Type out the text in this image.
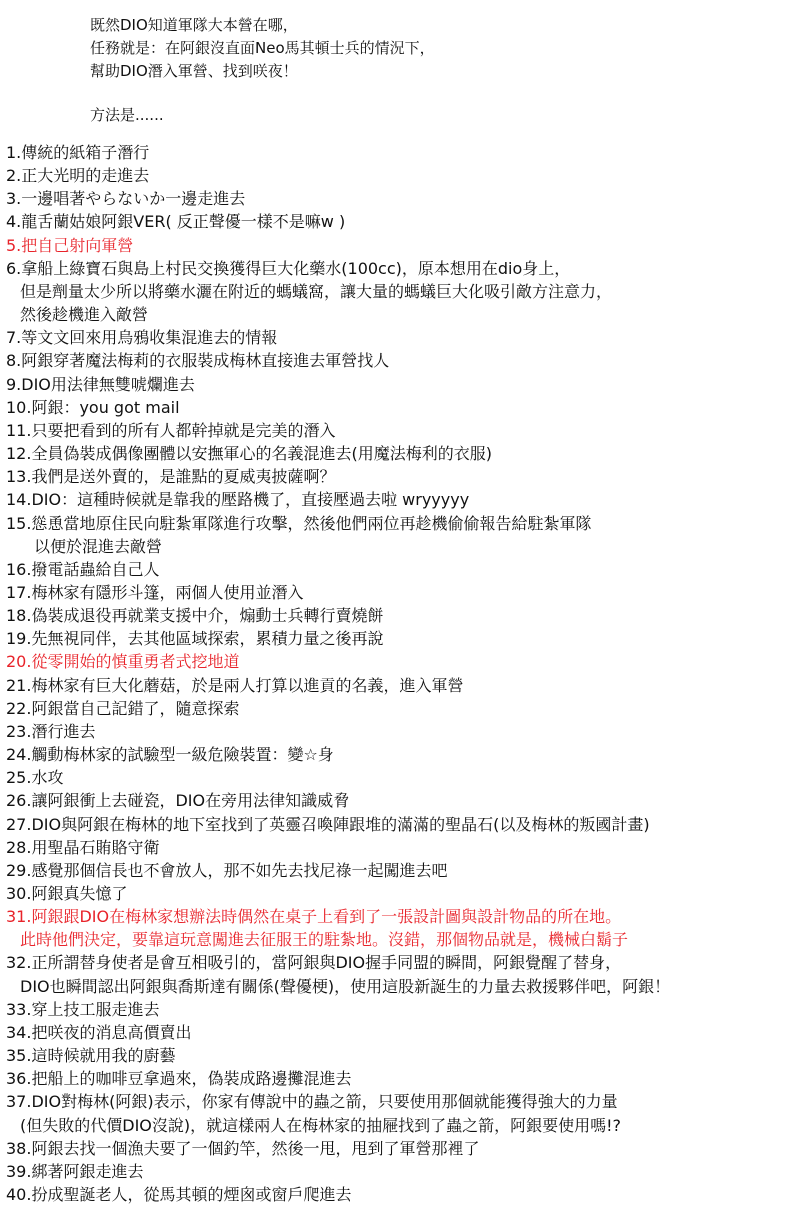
既然DIO知道軍隊大本營在哪，
任務就是：在阿銀沒直面Neo馬其頓士兵的情況下，
幫助DIO潛入軍營、找到咲夜！
方法是......
1.傳統的紙箱子潛行
2.正大光明的走進去
3.一邊唱著やらないか一邊走進去
4.龍舌蘭姑娘阿銀VER( 反正聲優一樣不是嘛w )
5.把自己射向軍營
6.拿船上綠寶石與島上村民交換獲得巨大化藥水(100cc)，原本想用在dio身上，
但是劑量太少所以將藥水灑在附近的螞蟻窩，讓大量的螞蟻巨大化吸引敵方注意力，
然後趁機進入敵營
7.等文文回來用烏鴉收集混進去的情報
8.阿銀穿著魔法梅莉的衣服裝成梅林直接進去軍營找人
9.DIO用法律無雙唬爛進去
10.阿銀：you got mail
11.只要把看到的所有人都幹掉就是完美的潛入
12.全員偽裝成偶像團體以安撫軍心的名義混進去(用魔法梅利的衣服)
13.我們是送外賣的，是誰點的夏威夷披薩啊？
14.DIO：這種時候就是靠我的壓路機了，直接壓過去啦 wryyyyy
15.慫恿當地原住民向駐紮軍隊進行攻擊，然後他們兩位再趁機偷偷報告給駐紮軍隊
以便於混進去敵營
16.撥電話蟲給自己人
17.梅林家有隱形斗篷，兩個人使用並潛入
18.偽裝成退役再就業支援中介，煽動士兵轉行賣燒餅
19.先無視同伴，去其他區域探索，累積力量之後再說
20.從零開始的慎重勇者式挖地道
21.梅林家有巨大化蘑菇，於是兩人打算以進貢的名義，進入軍營
22.阿銀當自己記錯了，隨意探索
23.潛行進去
24.觸動梅林家的試驗型一級危險裝置：變☆身
25.水攻
26.讓阿銀衝上去碰瓷，DIO在旁用法律知識威脅
27.DIO與阿銀在梅林的地下室找到了英靈召喚陣跟堆的滿滿的聖晶石(以及梅林的叛國計畫)
28.用聖晶石賄賂守衛
29.感覺那個信長也不會放人，那不如先去找尼祿一起闖進去吧
30.阿銀真失憶了
31.阿銀跟DIO在梅林家想辦法時偶然在桌子上看到了一張設計圖與設計物品的所在地。
此時他們決定，要靠這玩意闖進去征服王的駐紮地。沒錯，那個物品就是，機械白鬍子
32.正所謂替身使者是會互相吸引的，當阿銀與DIO握手同盟的瞬間，阿銀覺醒了替身，
DIO也瞬間認出阿銀與喬斯達有關係(聲優梗)，使用這股新誕生的力量去救援夥伴吧，阿銀！
33.穿上技工服走進去
34.把咲夜的消息高價賣出
35.這時候就用我的廚藝
36.把船上的咖啡豆拿過來，偽裝成路邊攤混進去
37.DIO對梅林(阿銀)表示，你家有傳說中的蟲之箭，只要使用那個就能獲得強大的力量
(但失敗的代價DIO沒說)，就這樣兩人在梅林家的抽屜找到了蟲之箭，阿銀要使用嗎!?
38.阿銀去找一個漁夫要了一個釣竿，然後一甩，甩到了軍營那裡了
39.綁著阿銀走進去
40.扮成聖誕老人，從馬其頓的煙囪或窗戶爬進去
